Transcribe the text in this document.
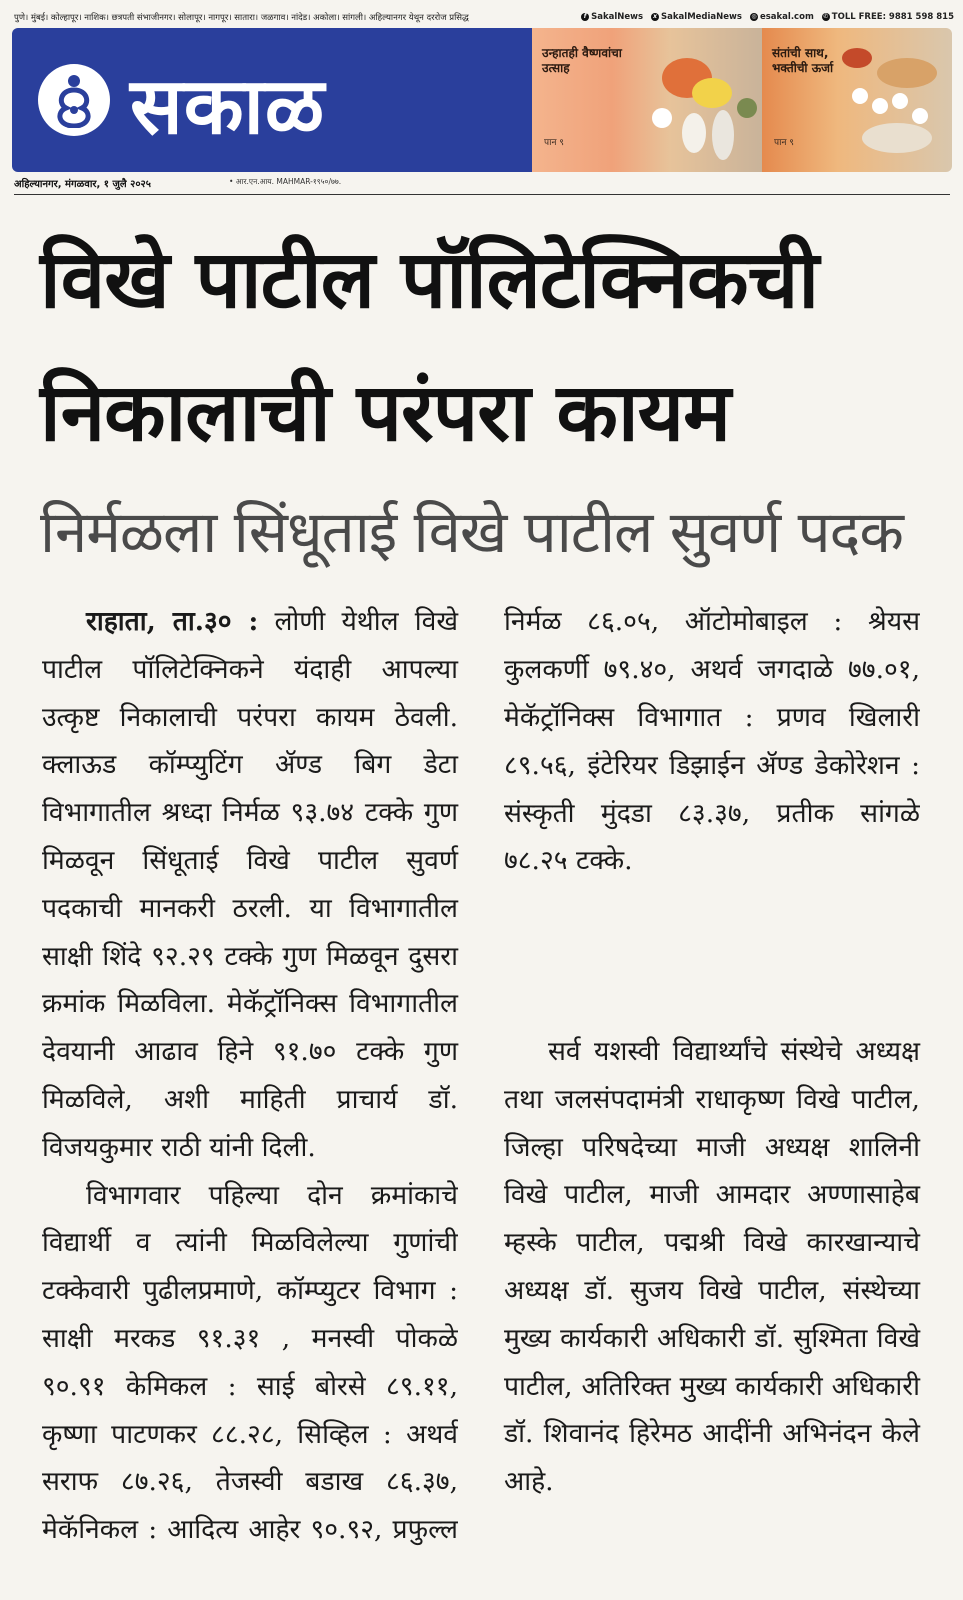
पुणे। मुंबई। कोल्हापूर। नाशिक। छत्रपती संभाजीनगर। सोलापूर। नागपूर। सातारा। जळगाव। नांदेड। अकोला। सांगली। अहिल्यानगर येथून दररोज प्रसिद्ध	f SakalNews	x SakalMediaNews ◎ esakal.com ✆ TOLL FREE: 9881 598 815
सकाळ
उन्हातही वैष्णवांचा उत्साह
पान ९
संतांची साथ, भक्तीची ऊर्जा
पान ९
अहिल्यानगर, मंगळवार, १ जुलै २०२५	• आर.एन.आय. MAHMAR-१९५०/७७.
विखे पाटील पॉलिटेक्निकची
निकालाची परंपरा कायम
निर्मळला सिंधूताई विखे पाटील सुवर्ण पदक

राहाता, ता.३० : लोणी येथील विखे पाटील पॉलिटेक्निकने यंदाही आपल्या उत्कृष्ट निकालाची परंपरा कायम ठेवली. क्लाऊड कॉम्प्युटिंग ॲण्ड बिग डेटा विभागातील श्रध्दा निर्मळ ९३.७४ टक्के गुण मिळवून सिंधूताई विखे पाटील सुवर्ण पदकाची मानकरी ठरली. या विभागातील साक्षी शिंदे ९२.२९ टक्के गुण मिळवून दुसरा क्रमांक मिळविला. मेकॅट्रॉनिक्स विभागातील देवयानी आढाव हिने ९१.७० टक्के गुण मिळविले, अशी माहिती प्राचार्य डॉ. विजयकुमार राठी यांनी दिली.

विभागवार पहिल्या दोन क्रमांकाचे विद्यार्थी व त्यांनी मिळविलेल्या गुणांची टक्केवारी पुढीलप्रमाणे, कॉम्प्युटर विभाग : साक्षी मरकड ९१.३१ , मनस्वी पोकळे ९०.९१ केमिकल : साई बोरसे ८९.११, कृष्णा पाटणकर ८८.२८, सिव्हिल : अथर्व सराफ ८७.२६, तेजस्वी बडाख ८६.३७, मेकॅनिकल : आदित्य आहेर ९०.९२, प्रफुल्ल

निर्मळ ८६.०५, ऑटोमोबाइल : श्रेयस कुलकर्णी ७९.४०, अथर्व जगदाळे ७७.०१, मेकॅट्रॉनिक्स विभागात : प्रणव खिलारी ८९.५६, इंटेरियर डिझाईन ॲण्ड डेकोरेशन : संस्कृती मुंदडा ८३.३७, प्रतीक सांगळे ७८.२५ टक्के.

सर्व यशस्वी विद्यार्थ्यांचे संस्थेचे अध्यक्ष तथा जलसंपदामंत्री राधाकृष्ण विखे पाटील, जिल्हा परिषदेच्या माजी अध्यक्ष शालिनी विखे पाटील, माजी आमदार अण्णासाहेब म्हस्के पाटील, पद्मश्री विखे कारखान्याचे अध्यक्ष डॉ. सुजय विखे पाटील, संस्थेच्या मुख्य कार्यकारी अधिकारी डॉ. सुश्मिता विखे पाटील, अतिरिक्त मुख्य कार्यकारी अधिकारी डॉ. शिवानंद हिरेमठ आदींनी अभिनंदन केले आहे.
